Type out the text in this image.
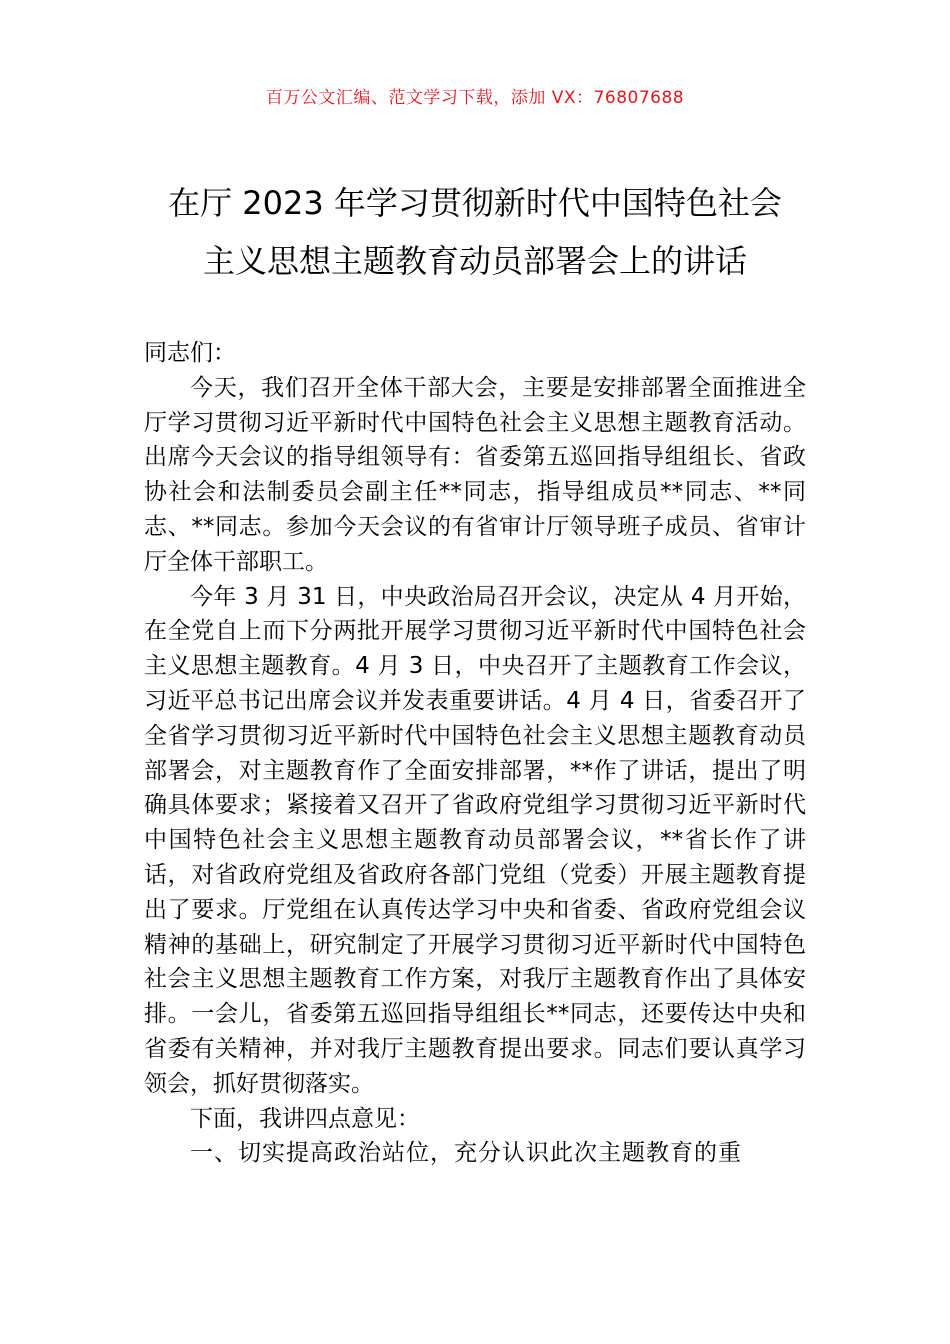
百万公文汇编、范文学习下载，添加 VX：76807688
在厅 2023 年学习贯彻新时代中国特色社会
主义思想主题教育动员部署会上的讲话

同志们：

今天，我们召开全体干部大会，主要是安排部署全面推进全厅学习贯彻习近平新时代中国特色社会主义思想主题教育活动。出席今天会议的指导组领导有：省委第五巡回指导组组长、省政协社会和法制委员会副主任**同志，指导组成员**同志、**同志、**同志。参加今天会议的有省审计厅领导班子成员、省审计厅全体干部职工。

今年 3 月 31 日，中央政治局召开会议，决定从 4 月开始，在全党自上而下分两批开展学习贯彻习近平新时代中国特色社会主义思想主题教育。4 月 3 日，中央召开了主题教育工作会议，习近平总书记出席会议并发表重要讲话。4 月 4 日，省委召开了全省学习贯彻习近平新时代中国特色社会主义思想主题教育动员部署会，对主题教育作了全面安排部署，**作了讲话，提出了明确具体要求；紧接着又召开了省政府党组学习贯彻习近平新时代中国特色社会主义思想主题教育动员部署会议，**省长作了讲话，对省政府党组及省政府各部门党组（党委）开展主题教育提出了要求。厅党组在认真传达学习中央和省委、省政府党组会议精神的基础上，研究制定了开展学习贯彻习近平新时代中国特色社会主义思想主题教育工作方案，对我厅主题教育作出了具体安排。一会儿，省委第五巡回指导组组长**同志，还要传达中央和省委有关精神，并对我厅主题教育提出要求。同志们要认真学习领会，抓好贯彻落实。

下面，我讲四点意见：

一、切实提高政治站位，充分认识此次主题教育的重
